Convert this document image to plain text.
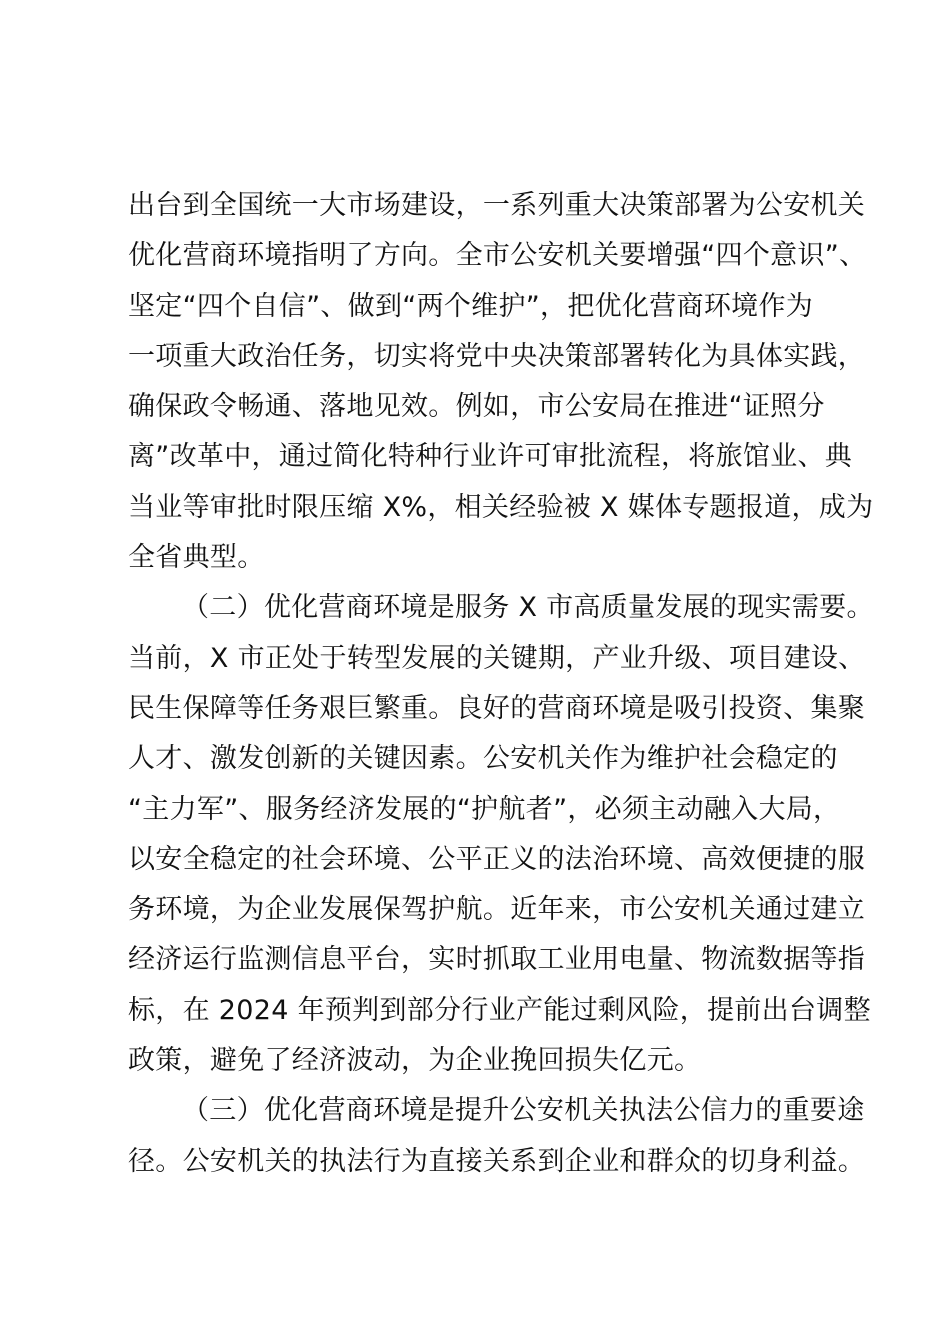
出台到全国统一大市场建设，一系列重大决策部署为公安机关
优化营商环境指明了方向。全市公安机关要增强“四个意识”、
坚定“四个自信”、做到“两个维护”，把优化营商环境作为
一项重大政治任务，切实将党中央决策部署转化为具体实践，
确保政令畅通、落地见效。例如，市公安局在推进“证照分
离”改革中，通过简化特种行业许可审批流程，将旅馆业、典
当业等审批时限压缩 X%，相关经验被 X 媒体专题报道，成为
全省典型。
（二）优化营商环境是服务 X 市高质量发展的现实需要。
当前，X 市正处于转型发展的关键期，产业升级、项目建设、
民生保障等任务艰巨繁重。良好的营商环境是吸引投资、集聚
人才、激发创新的关键因素。公安机关作为维护社会稳定的
“主力军”、服务经济发展的“护航者”，必须主动融入大局，
以安全稳定的社会环境、公平正义的法治环境、高效便捷的服
务环境，为企业发展保驾护航。近年来，市公安机关通过建立
经济运行监测信息平台，实时抓取工业用电量、物流数据等指
标，在 2024 年预判到部分行业产能过剩风险，提前出台调整
政策，避免了经济波动，为企业挽回损失亿元。
（三）优化营商环境是提升公安机关执法公信力的重要途
径。公安机关的执法行为直接关系到企业和群众的切身利益。
